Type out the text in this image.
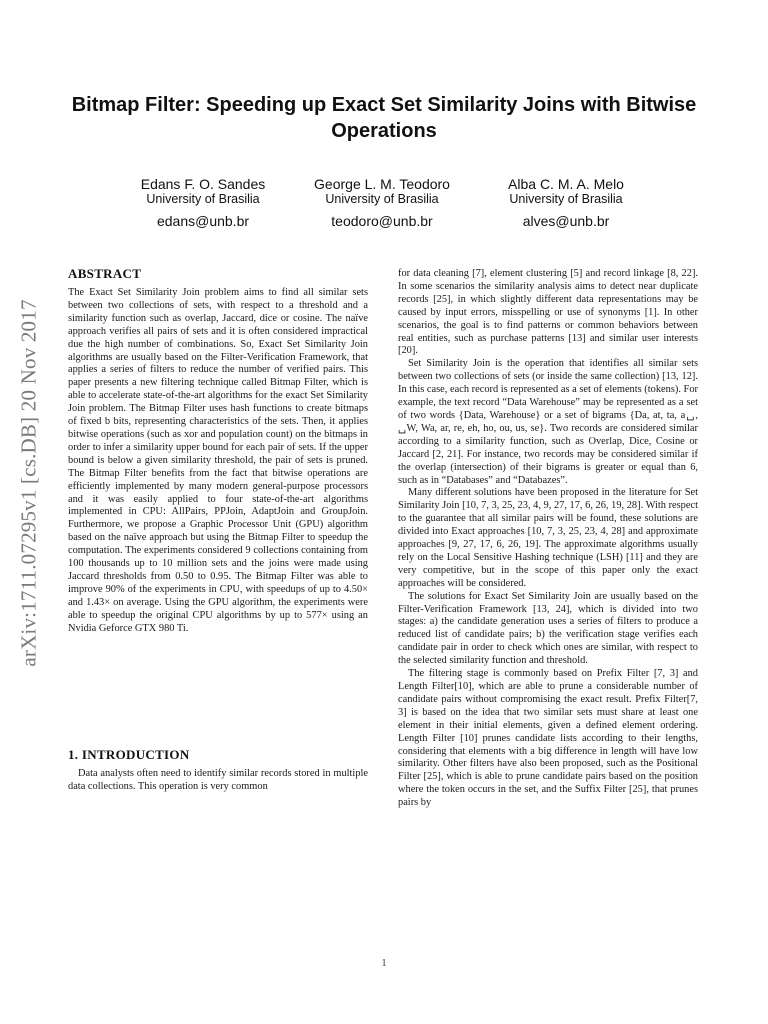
arXiv:1711.07295v1 [cs.DB] 20 Nov 2017
Bitmap Filter: Speeding up Exact Set Similarity Joins with Bitwise Operations
Edans F. O. Sandes
University of Brasilia
edans@unb.br
George L. M. Teodoro
University of Brasilia
teodoro@unb.br
Alba C. M. A. Melo
University of Brasilia
alves@unb.br
ABSTRACT

The Exact Set Similarity Join problem aims to find all similar sets between two collections of sets, with respect to a threshold and a similarity function such as overlap, Jaccard, dice or cosine. The naïve approach verifies all pairs of sets and it is often considered impractical due the high number of combinations. So, Exact Set Similarity Join algorithms are usually based on the Filter-Verification Framework, that applies a series of filters to reduce the number of verified pairs. This paper presents a new filtering technique called Bitmap Filter, which is able to accelerate state-of-the-art algorithms for the exact Set Similarity Join problem. The Bitmap Filter uses hash functions to create bitmaps of fixed b bits, representing characteristics of the sets. Then, it applies bitwise operations (such as xor and population count) on the bitmaps in order to infer a similarity upper bound for each pair of sets. If the upper bound is below a given similarity threshold, the pair of sets is pruned. The Bitmap Filter benefits from the fact that bitwise operations are efficiently implemented by many modern general-purpose processors and it was easily applied to four state-of-the-art algorithms implemented in CPU: AllPairs, PPJoin, AdaptJoin and GroupJoin. Furthermore, we propose a Graphic Processor Unit (GPU) algorithm based on the naïve approach but using the Bitmap Filter to speedup the computation. The experiments considered 9 collections containing from 100 thousands up to 10 million sets and the joins were made using Jaccard thresholds from 0.50 to 0.95. The Bitmap Filter was able to improve 90% of the experiments in CPU, with speedups of up to 4.50× and 1.43× on average. Using the GPU algorithm, the experiments were able to speedup the original CPU algorithms by up to 577× using an Nvidia Geforce GTX 980 Ti.

1. INTRODUCTION

Data analysts often need to identify similar records stored in multiple data collections. This operation is very common

for data cleaning [7], element clustering [5] and record linkage [8, 22]. In some scenarios the similarity analysis aims to detect near duplicate records [25], in which slightly different data representations may be caused by input errors, misspelling or use of synonyms [1]. In other scenarios, the goal is to find patterns or common behaviors between real entities, such as purchase patterns [13] and similar user interests [20].

Set Similarity Join is the operation that identifies all similar sets between two collections of sets (or inside the same collection) [13, 12]. In this case, each record is represented as a set of elements (tokens). For example, the text record “Data Warehouse” may be represented as a set of two words {Data, Warehouse} or a set of bigrams {Da, at, ta, a␣, ␣W, Wa, ar, re, eh, ho, ou, us, se}. Two records are considered similar according to a similarity function, such as Overlap, Dice, Cosine or Jaccard [2, 21]. For instance, two records may be considered similar if the overlap (intersection) of their bigrams is greater or equal than 6, such as in “Databases” and “Databazes”.

Many different solutions have been proposed in the literature for Set Similarity Join [10, 7, 3, 25, 23, 4, 9, 27, 17, 6, 26, 19, 28]. With respect to the guarantee that all similar pairs will be found, these solutions are divided into Exact approaches [10, 7, 3, 25, 23, 4, 28] and approximate approaches [9, 27, 17, 6, 26, 19]. The approximate algorithms usually rely on the Local Sensitive Hashing technique (LSH) [11] and they are very competitive, but in the scope of this paper only the exact approaches will be considered.

The solutions for Exact Set Similarity Join are usually based on the Filter-Verification Framework [13, 24], which is divided into two stages: a) the candidate generation uses a series of filters to produce a reduced list of candidate pairs; b) the verification stage verifies each candidate pair in order to check which ones are similar, with respect to the selected similarity function and threshold.

The filtering stage is commonly based on Prefix Filter [7, 3] and Length Filter[10], which are able to prune a considerable number of candidate pairs without compromising the exact result. Prefix Filter[7, 3] is based on the idea that two similar sets must share at least one element in their initial elements, given a defined element ordering. Length Filter [10] prunes candidate lists according to their lengths, considering that elements with a big difference in length will have low similarity. Other filters have also been proposed, such as the Positional Filter [25], which is able to prune candidate pairs based on the position where the token occurs in the set, and the Suffix Filter [25], that prunes pairs by

1
